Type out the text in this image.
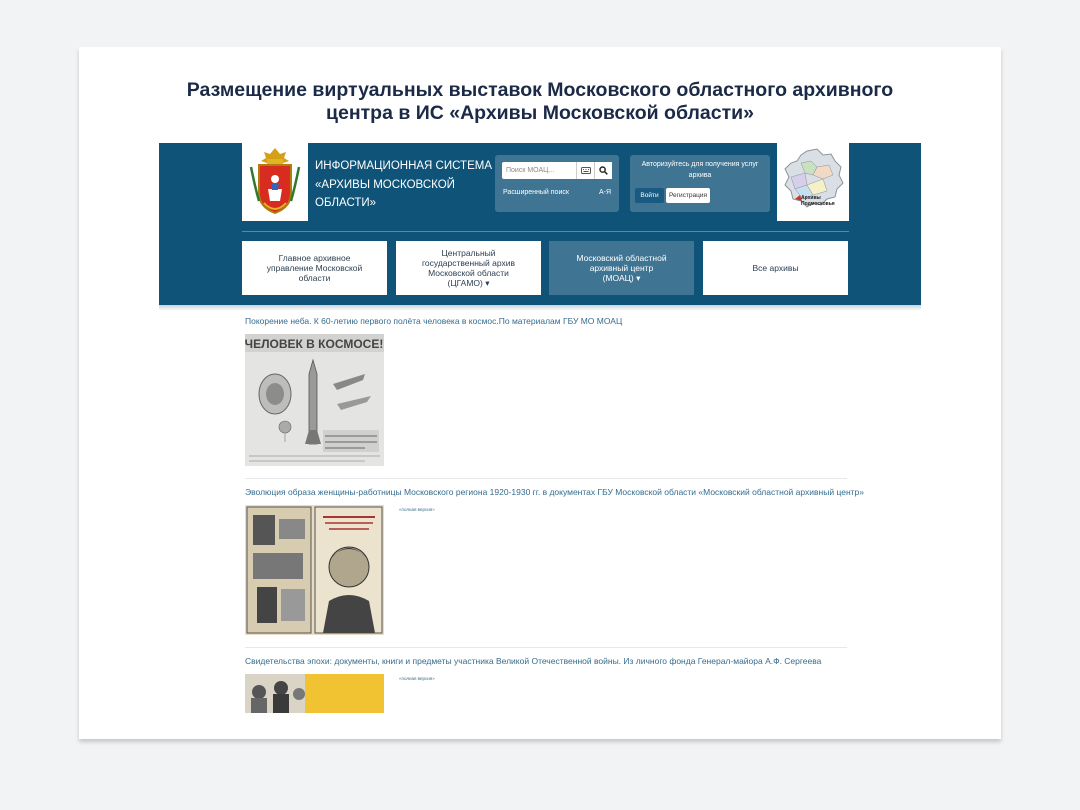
Размещение виртуальных выставок Московского областного архивного
центра в ИС «Архивы Московской области»
ИНФОРМАЦИОННАЯ СИСТЕМА
«АРХИВЫ МОСКОВСКОЙ
ОБЛАСТИ»
Поиск МОАЦ...
Расширенный поиск	А-Я
Авторизуйтесь для получения услуг
архива
Войти	Регистрация	Архивы
Подмосковья
Главное архивное
управление Московской
области
Центральный
государственный архив
Московской области
(ЦГАМО) ▾
Московский областной
архивный центр
(МОАЦ) ▾
Все архивы
Покорение неба. К 60-летию первого полёта человека в космос.По материалам ГБУ МО МОАЦ
ЧЕЛОВЕК В КОСМОСЕ!
Эволюция образа женщины-работницы Московского региона 1920-1930 гг. в документах ГБУ Московской области «Московский областной архивный центр»
«полная версия»
Свидетельства эпохи: документы, книги и предметы участника Великой Отечественной войны. Из личного фонда Генерал-майора А.Ф. Сергеева
«полная версия»
